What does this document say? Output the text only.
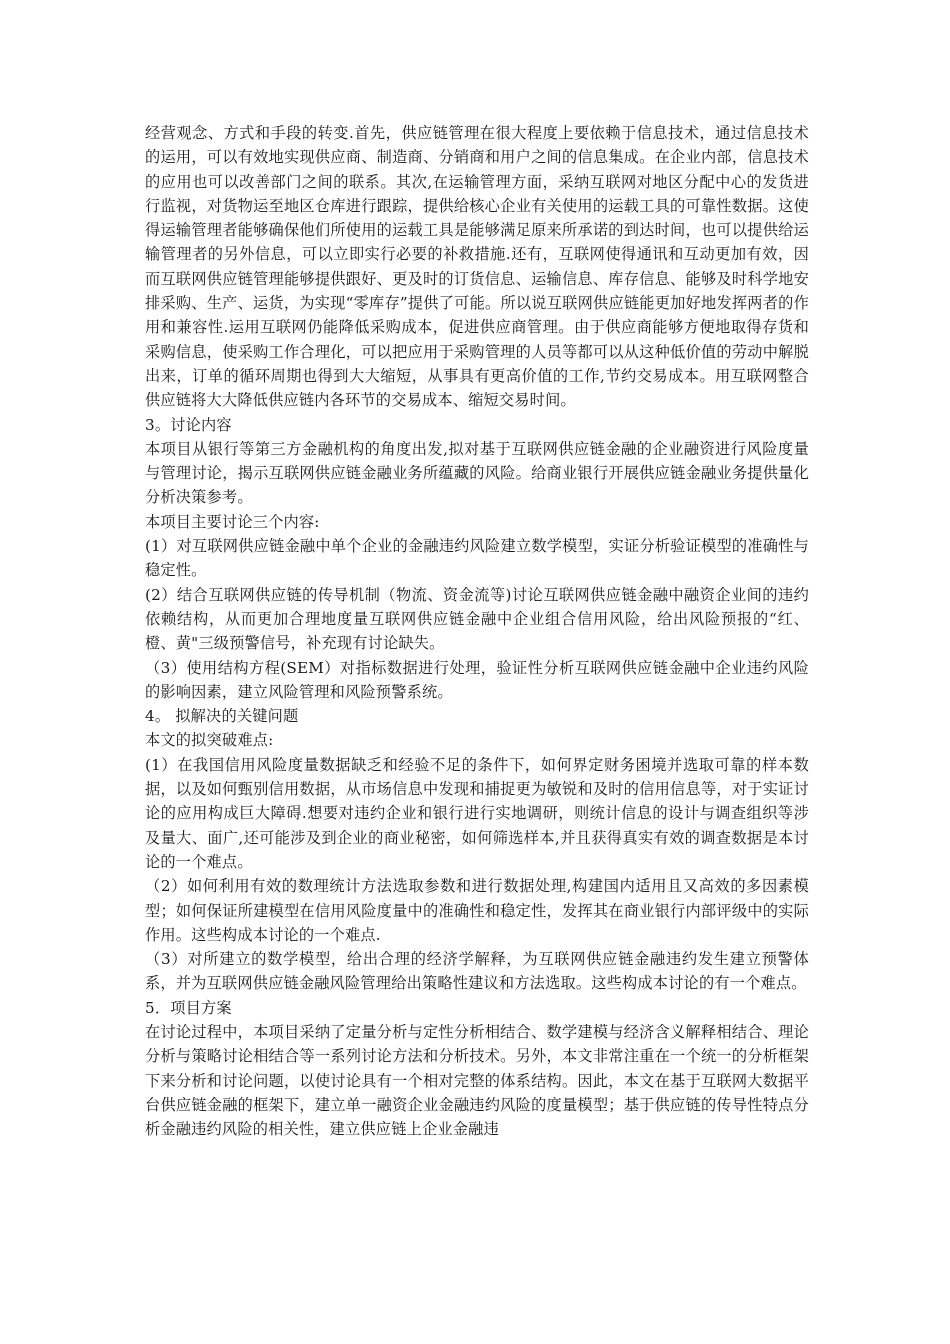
经营观念、方式和手段的转变.首先，供应链管理在很大程度上要依赖于信息技术，通过信息技术的运用，可以有效地实现供应商、制造商、分销商和用户之间的信息集成。在企业内部，信息技术的应用也可以改善部门之间的联系。其次,在运输管理方面，采纳互联网对地区分配中心的发货进行监视，对货物运至地区仓库进行跟踪，提供给核心企业有关使用的运载工具的可靠性数据。这使得运输管理者能够确保他们所使用的运载工具是能够满足原来所承诺的到达时间，也可以提供给运输管理者的另外信息，可以立即实行必要的补救措施.还有，互联网使得通讯和互动更加有效，因而互联网供应链管理能够提供跟好、更及时的订货信息、运输信息、库存信息、能够及时科学地安排采购、生产、运货，为实现“零库存”提供了可能。所以说互联网供应链能更加好地发挥两者的作用和兼容性.运用互联网仍能降低采购成本，促进供应商管理。由于供应商能够方便地取得存货和采购信息，使采购工作合理化，可以把应用于采购管理的人员等都可以从这种低价值的劳动中解脱出来，订单的循环周期也得到大大缩短，从事具有更高价值的工作,节约交易成本。用互联网整合供应链将大大降低供应链内各环节的交易成本、缩短交易时间。

3。讨论内容

本项目从银行等第三方金融机构的角度出发,拟对基于互联网供应链金融的企业融资进行风险度量与管理讨论，揭示互联网供应链金融业务所蕴藏的风险。给商业银行开展供应链金融业务提供量化分析决策参考。

本项目主要讨论三个内容:

(1）对互联网供应链金融中单个企业的金融违约风险建立数学模型，实证分析验证模型的准确性与稳定性。

(2）结合互联网供应链的传导机制（物流、资金流等)讨论互联网供应链金融中融资企业间的违约依赖结构，从而更加合理地度量互联网供应链金融中企业组合信用风险，给出风险预报的“红、橙、黄"三级预警信号，补充现有讨论缺失。

（3）使用结构方程(SEM）对指标数据进行处理，验证性分析互联网供应链金融中企业违约风险的影响因素，建立风险管理和风险预警系统。

4。 拟解决的关键问题

本文的拟突破难点:

(1）在我国信用风险度量数据缺乏和经验不足的条件下，如何界定财务困境并选取可靠的样本数据，以及如何甄别信用数据，从市场信息中发现和捕捉更为敏锐和及时的信用信息等，对于实证讨论的应用构成巨大障碍.想要对违约企业和银行进行实地调研，则统计信息的设计与调查组织等涉及量大、面广,还可能涉及到企业的商业秘密，如何筛选样本,并且获得真实有效的调查数据是本讨论的一个难点。

（2）如何利用有效的数理统计方法选取参数和进行数据处理,构建国内适用且又高效的多因素模型；如何保证所建模型在信用风险度量中的准确性和稳定性，发挥其在商业银行内部评级中的实际作用。这些构成本讨论的一个难点.

（3）对所建立的数学模型，给出合理的经济学解释，为互联网供应链金融违约发生建立预警体系，并为互联网供应链金融风险管理给出策略性建议和方法选取。这些构成本讨论的有一个难点。

5．项目方案

在讨论过程中，本项目采纳了定量分析与定性分析相结合、数学建模与经济含义解释相结合、理论分析与策略讨论相结合等一系列讨论方法和分析技术。另外，本文非常注重在一个统一的分析框架下来分析和讨论问题，以使讨论具有一个相对完整的体系结构。因此，本文在基于互联网大数据平台供应链金融的框架下，建立单一融资企业金融违约风险的度量模型；基于供应链的传导性特点分析金融违约风险的相关性，建立供应链上企业金融违
